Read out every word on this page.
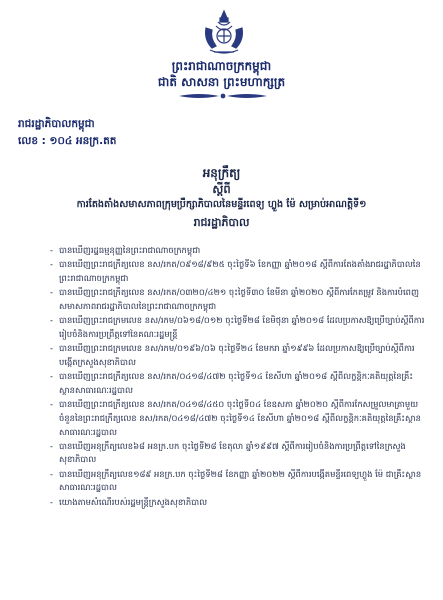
ព្រះរាជាណាចក្រកម្ពុជា
ជាតិ សាសនា ព្រះមហាក្សត្រ
រាជរដ្ឋាភិបាលកម្ពុជា
លេខ : ១០៤ អនក្រ.តត
អនុក្រឹត្យ
ស្តីពី
ការតែងតាំងសមាសភាពក្រុមប្រឹក្សាភិបាលនៃមន្ទីរពេទ្យ ហ្លួង ម៉ែ សម្រាប់អាណត្តិទី១
រាជរដ្ឋាភិបាល
- បានឃើញរដ្ឋធម្មនុញ្ញនៃព្រះរាជាណាចក្រកម្ពុជា
- បានឃើញព្រះរាជក្រឹត្យលេខ នស/រកត/០៩១៨/៩២៥ ចុះថ្ងៃទី៦ ខែកញ្ញា ឆ្នាំ២០១៨ ស្តីពីការតែងតាំងរាជរដ្ឋាភិបាលនៃព្រះរាជាណាចក្រកម្ពុជា
- បានឃើញព្រះរាជក្រឹត្យលេខ នស/រកត/០៣២០/៤២១ ចុះថ្ងៃទី៣០ ខែមីនា ឆ្នាំ២០២០ ស្តីពីការកែតម្រូវ និងការបំពេញសមាសភាពរាជរដ្ឋាភិបាលនៃព្រះរាជាណាចក្រកម្ពុជា
- បានឃើញព្រះរាជក្រមលេខ នស/រកម/០៦១៨/០១២ ចុះថ្ងៃទី២៨ ខែមិថុនា ឆ្នាំ២០១៨ ដែលប្រកាសឱ្យប្រើច្បាប់ស្តីពីការរៀបចំនិងការប្រព្រឹត្តទៅនៃគណៈរដ្ឋមន្ត្រី
- បានឃើញព្រះរាជក្រមលេខ នស/រកម/០១៩៦/០៦ ចុះថ្ងៃទី២៤ ខែមករា ឆ្នាំ១៩៩៦ ដែលប្រកាសឱ្យប្រើច្បាប់ស្តីពីការបង្កើតក្រសួងសុខាភិបាល
- បានឃើញព្រះរាជក្រឹត្យលេខ នស/រកត/០៤១៨/៤៧២ ចុះថ្ងៃទី១៤ ខែសីហា ឆ្នាំ២០១៨ ស្តីពីលក្ខន្តិកៈគតិយុត្តនៃគ្រឹះស្ថានសាធារណៈរដ្ឋបាល
- បានឃើញព្រះរាជក្រឹត្យលេខ នស/រកត/០៤១៨/៤៥០ ចុះថ្ងៃទី០៤ ខែឧសភា ឆ្នាំ២០២០ ស្តីពីការកែសម្រួលមាត្រាមួយចំនួននៃព្រះរាជក្រឹត្យលេខ នស/រកត/០៤១៨/៤៧២ ចុះថ្ងៃទី១៤ ខែសីហា ឆ្នាំ២០១៨ ស្តីពីលក្ខន្តិកៈគតិយុត្តនៃគ្រឹះស្ថានសាធារណៈរដ្ឋបាល
- បានឃើញអនុក្រឹត្យលេខ៦៨ អនក្រ.បក ចុះថ្ងៃទី២៨ ខែតុលា ឆ្នាំ១៩៩៧ ស្តីពីការរៀបចំនិងការប្រព្រឹត្តទៅនៃក្រសួងសុខាភិបាល
- បានឃើញអនុក្រឹត្យលេខ១៨៩ អនក្រ.បក ចុះថ្ងៃទី២៨ ខែកញ្ញា ឆ្នាំ២០២២ ស្តីពីការបង្កើតមន្ទីរពេទ្យហ្លួង ម៉ែ ជាគ្រឹះស្ថានសាធារណៈរដ្ឋបាល
- យោងតាមសំណើរបស់រដ្ឋមន្ត្រីក្រសួងសុខាភិបាល
